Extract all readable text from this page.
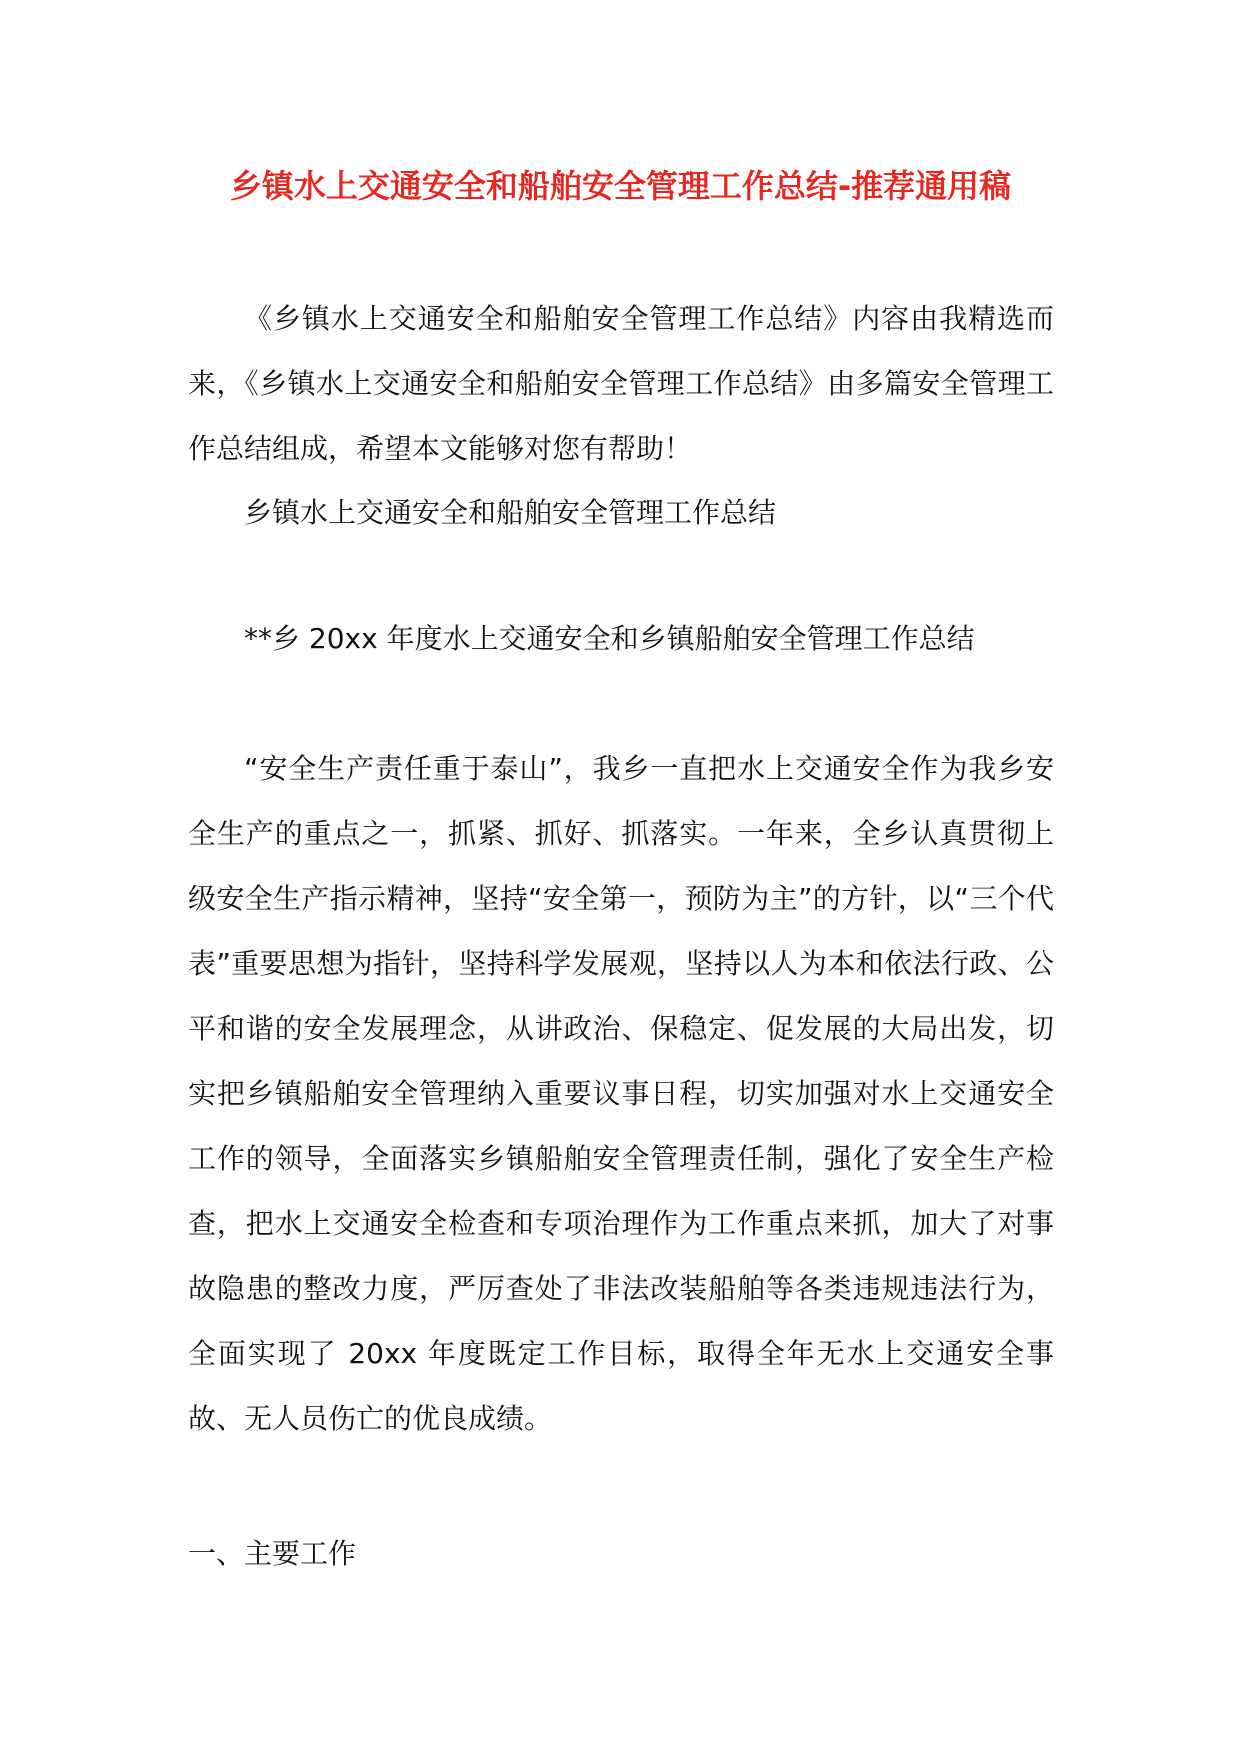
乡镇水上交通安全和船舶安全管理工作总结-推荐通用稿

《乡镇水上交通安全和船舶安全管理工作总结》内容由我精选而来，《乡镇水上交通安全和船舶安全管理工作总结》由多篇安全管理工作总结组成，希望本文能够对您有帮助！

乡镇水上交通安全和船舶安全管理工作总结

**乡 20xx 年度水上交通安全和乡镇船舶安全管理工作总结

“安全生产责任重于泰山”，我乡一直把水上交通安全作为我乡安全生产的重点之一，抓紧、抓好、抓落实。一年来，全乡认真贯彻上级安全生产指示精神，坚持“安全第一，预防为主”的方针，以“三个代表”重要思想为指针，坚持科学发展观，坚持以人为本和依法行政、公平和谐的安全发展理念，从讲政治、保稳定、促发展的大局出发，切实把乡镇船舶安全管理纳入重要议事日程，切实加强对水上交通安全工作的领导，全面落实乡镇船舶安全管理责任制，强化了安全生产检查，把水上交通安全检查和专项治理作为工作重点来抓，加大了对事故隐患的整改力度，严厉查处了非法改装船舶等各类违规违法行为，全面实现了 20xx 年度既定工作目标，取得全年无水上交通安全事故、无人员伤亡的优良成绩。

一、主要工作
